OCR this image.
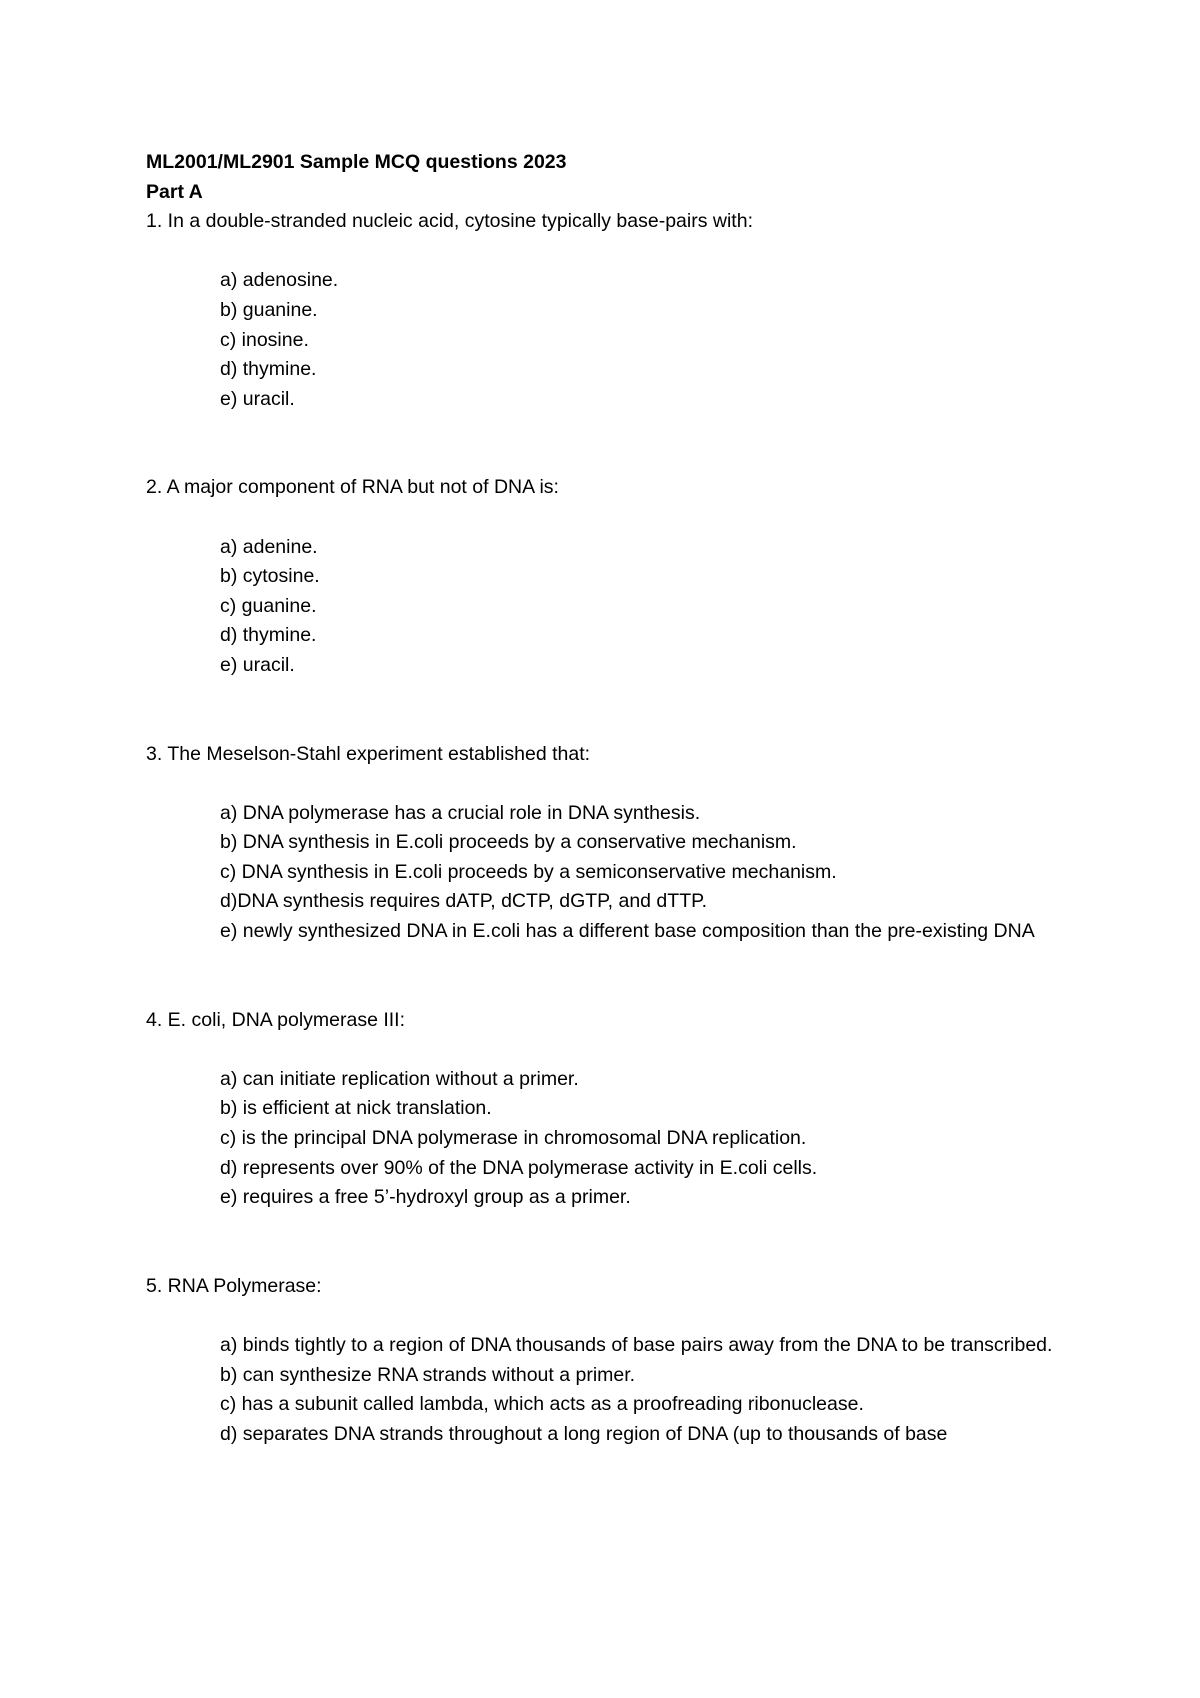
ML2001/ML2901 Sample MCQ questions 2023
Part A

1. In a double-stranded nucleic acid, cytosine typically base-pairs with:

a) adenosine.
b) guanine.
c) inosine.
d) thymine.
e) uracil.

2. A major component of RNA but not of DNA is:

a) adenine.
b) cytosine.
c) guanine.
d) thymine.
e) uracil.

3. The Meselson-Stahl experiment established that:

a) DNA polymerase has a crucial role in DNA synthesis.
b) DNA synthesis in E.coli proceeds by a conservative mechanism.
c) DNA synthesis in E.coli proceeds by a semiconservative mechanism.
d)DNA synthesis requires dATP, dCTP, dGTP, and dTTP.
e) newly synthesized DNA in E.coli has a different base composition than the pre-existing DNA

4. E. coli, DNA polymerase III:

a) can initiate replication without a primer.
b) is efficient at nick translation.
c) is the principal DNA polymerase in chromosomal DNA replication.
d) represents over 90% of the DNA polymerase activity in E.coli cells.
e) requires a free 5’-hydroxyl group as a primer.

5. RNA Polymerase:

a) binds tightly to a region of DNA thousands of base pairs away from the DNA to be transcribed.
b) can synthesize RNA strands without a primer.
c) has a subunit called lambda, which acts as a proofreading ribonuclease.
d) separates DNA strands throughout a long region of DNA (up to thousands of base
